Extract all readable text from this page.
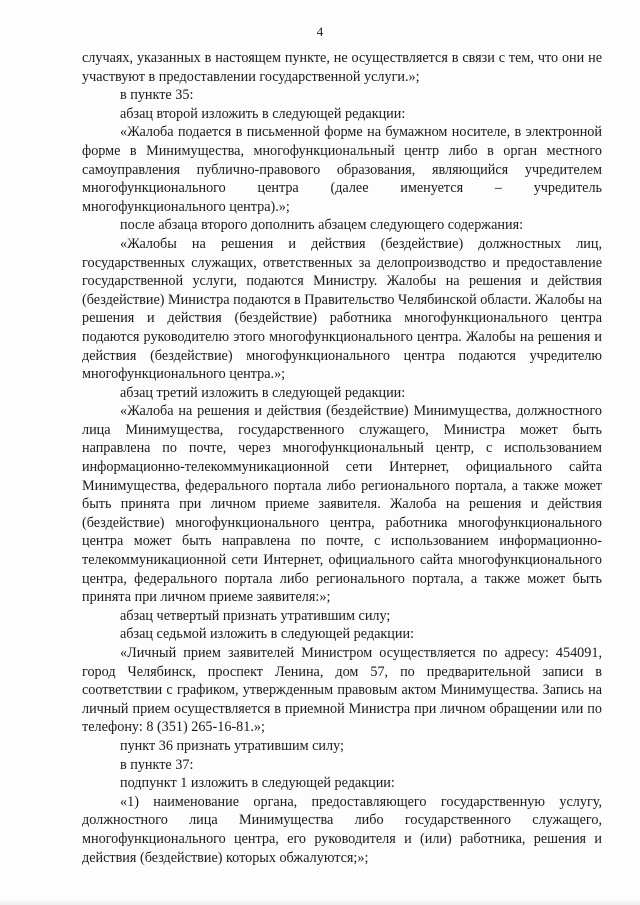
4

случаях, указанных в настоящем пункте, не осуществляется в связи с тем, что они не участвуют в предоставлении государственной услуги.»;

в пункте 35:

абзац второй изложить в следующей редакции:

«Жалоба подается в письменной форме на бумажном носителе, в электронной форме в Минимущества, многофункциональный центр либо в орган местного самоуправления публично-правового образования, являющийся учредителем многофункционального центра (далее именуется – учредитель многофункционального центра).»;

после абзаца второго дополнить абзацем следующего содержания:

«Жалобы на решения и действия (бездействие) должностных лиц, государственных служащих, ответственных за делопроизводство и предоставление государственной услуги, подаются Министру. Жалобы на решения и действия (бездействие) Министра подаются в Правительство Челябинской области. Жалобы на решения и действия (бездействие) работника многофункционального центра подаются руководителю этого многофункционального центра. Жалобы на решения и действия (бездействие) многофункционального центра подаются учредителю многофункционального центра.»;

абзац третий изложить в следующей редакции:

«Жалоба на решения и действия (бездействие) Минимущества, должностного лица Минимущества, государственного служащего, Министра может быть направлена по почте, через многофункциональный центр, с использованием информационно-телекоммуникационной сети Интернет, официального сайта Минимущества, федерального портала либо регионального портала, а также может быть принята при личном приеме заявителя. Жалоба на решения и действия (бездействие) многофункционального центра, работника многофункционального центра может быть направлена по почте, с использованием информационно-телекоммуникационной сети Интернет, официального сайта многофункционального центра, федерального портала либо регионального портала, а также может быть принята при личном приеме заявителя:»;

абзац четвертый признать утратившим силу;

абзац седьмой изложить в следующей редакции:

«Личный прием заявителей Министром осуществляется по адресу: 454091, город Челябинск, проспект Ленина, дом 57, по предварительной записи в соответствии с графиком, утвержденным правовым актом Минимущества. Запись на личный прием осуществляется в приемной Министра при личном обращении или по телефону: 8 (351) 265-16-81.»;

пункт 36 признать утратившим силу;

в пункте 37:

подпункт 1 изложить в следующей редакции:

«1) наименование органа, предоставляющего государственную услугу, должностного лица Минимущества либо государственного служащего, многофункционального центра, его руководителя и (или) работника, решения и действия (бездействие) которых обжалуются;»;
